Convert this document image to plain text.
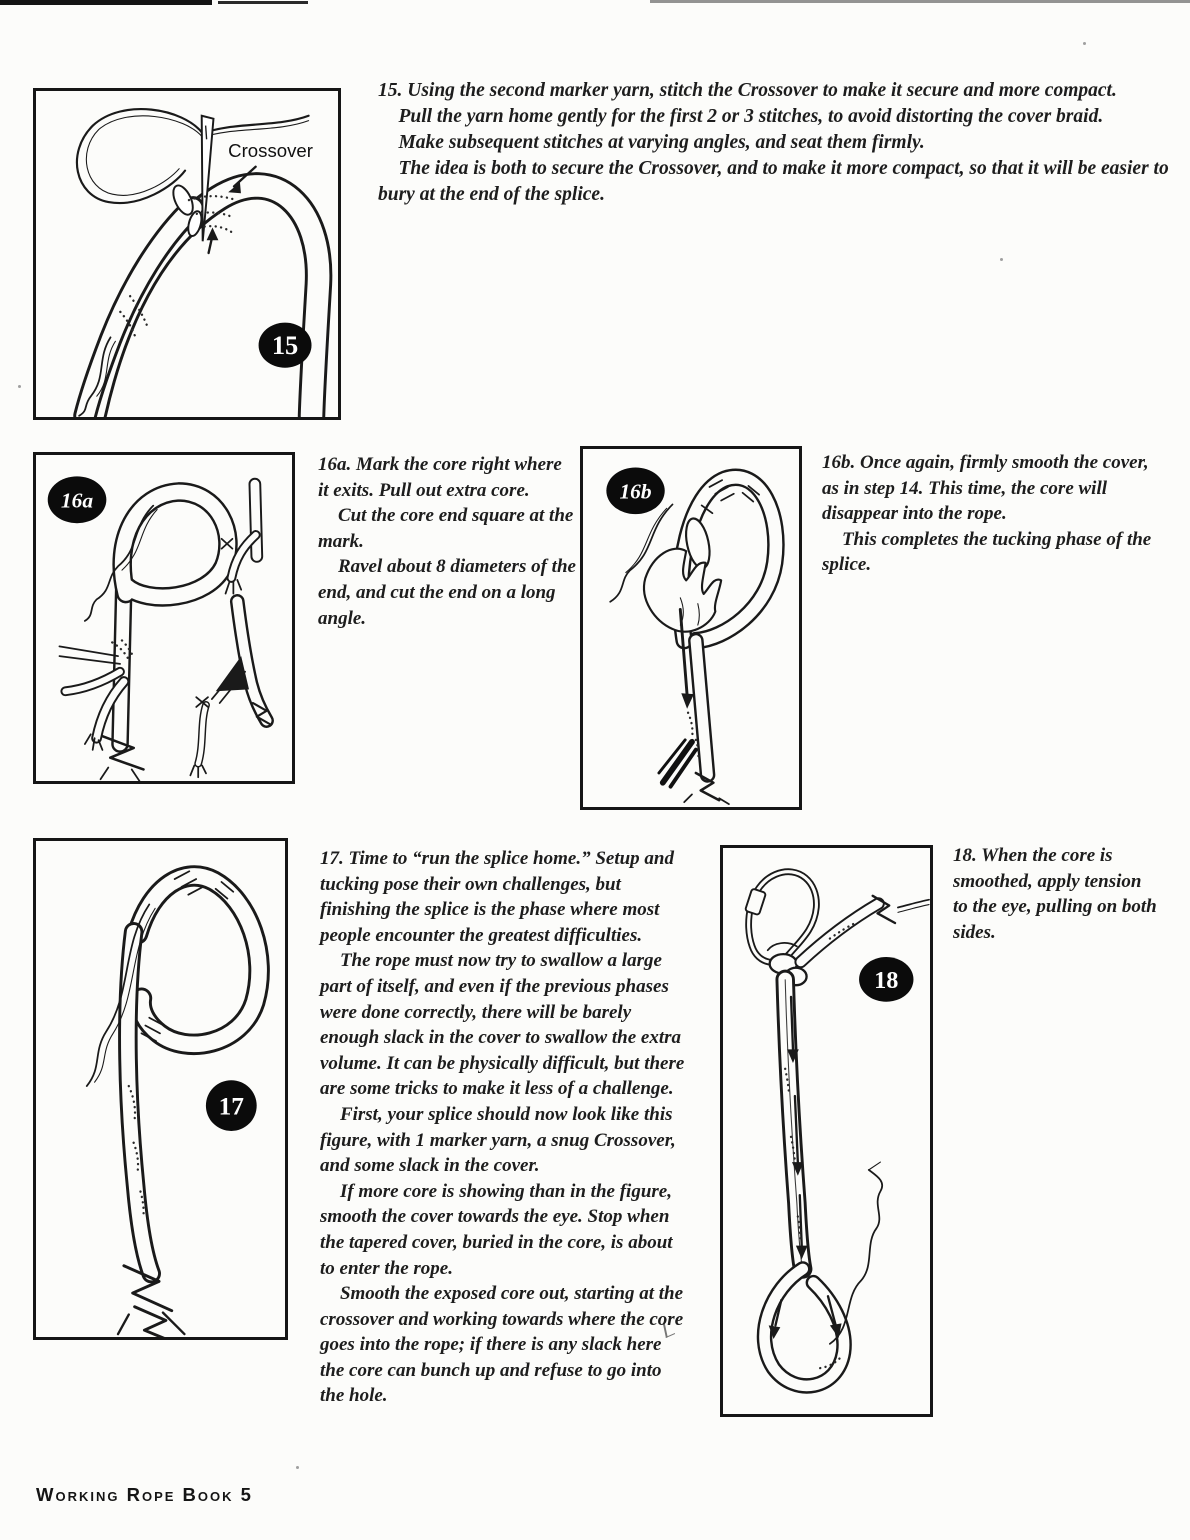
Crossover
15

15. Using the second marker yarn, stitch the Crossover to make it secure and more compact.

Pull the yarn home gently for the first 2 or 3 stitches, to avoid distorting the cover braid.

Make subsequent stitches at varying angles, and seat them firmly.

The idea is both to secure the Crossover, and to make it more compact, so that it will be easier to bury at the end of the splice.

16a

16a. Mark the core right where it exits. Pull out extra core.

Cut the core end square at the mark.

Ravel about 8 diameters of the end, and cut the end on a long angle.

16b

16b. Once again, firmly smooth the cover, as in step 14. This time, the core will disappear into the rope.

This completes the tucking phase of the splice.

17

17. Time to “run the splice home.” Setup and tucking pose their own challenges, but finishing the splice is the phase where most people encounter the greatest difficulties.

The rope must now try to swallow a large part of itself, and even if the previous phases were done correctly, there will be barely enough slack in the cover to swallow the extra volume. It can be physically difficult, but there are some tricks to make it less of a challenge.

First, your splice should now look like this figure, with 1 marker yarn, a snug Crossover, and some slack in the cover.

If more core is showing than in the figure, smooth the cover towards the eye. Stop when the tapered cover, buried in the core, is about to enter the rope.

Smooth the exposed core out, starting at the crossover and working towards where the core goes into the rope; if there is any slack here the core can bunch up and refuse to go into the hole.

18

18. When the core is smoothed, apply tension to the eye, pulling on both sides.

Working Rope Book 5
